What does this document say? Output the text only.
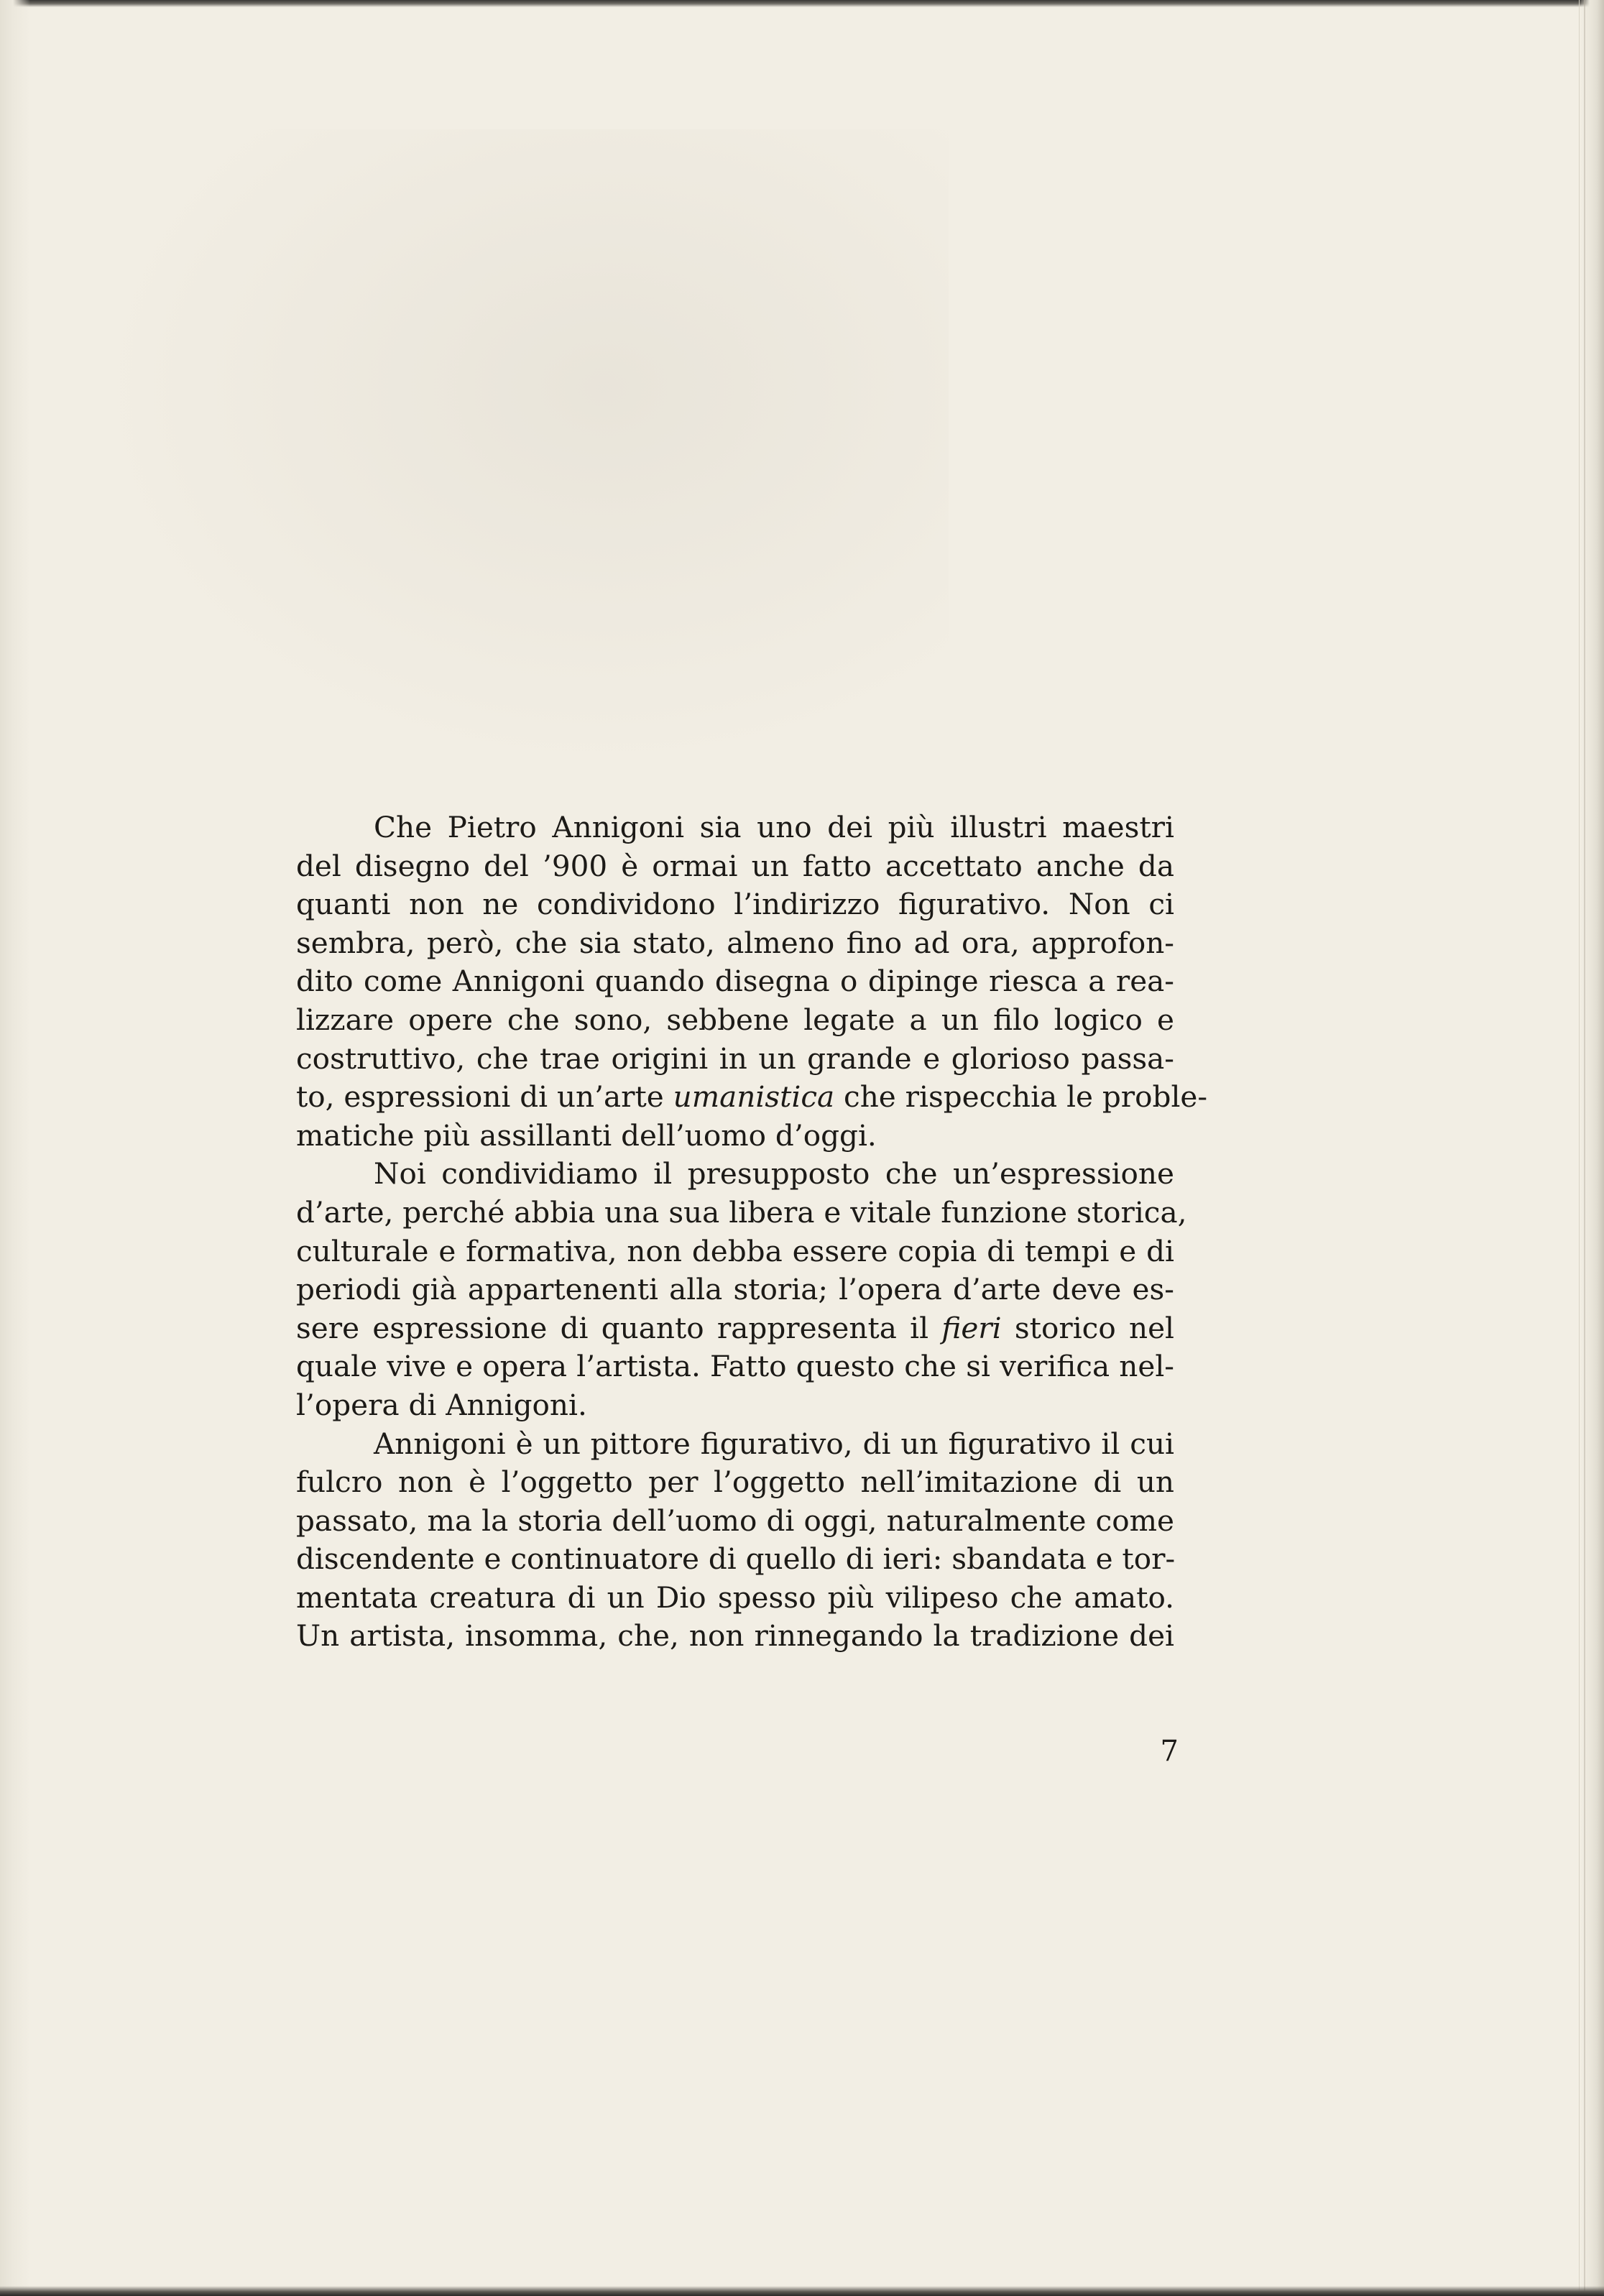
Che Pietro Annigoni sia uno dei più illustri maestri
del disegno del ’900 è ormai un fatto accettato anche da
quanti non ne condividono l’indirizzo figurativo. Non ci
sembra, però, che sia stato, almeno fino ad ora, approfon-
dito come Annigoni quando disegna o dipinge riesca a rea-
lizzare opere che sono, sebbene legate a un filo logico e
costruttivo, che trae origini in un grande e glorioso passa-
to, espressioni di un’arte umanistica che rispecchia le proble-
matiche più assillanti dell’uomo d’oggi.

Noi condividiamo il presupposto che un’espressione
d’arte, perché abbia una sua libera e vitale funzione storica,
culturale e formativa, non debba essere copia di tempi e di
periodi già appartenenti alla storia; l’opera d’arte deve es-
sere espressione di quanto rappresenta il fieri storico nel
quale vive e opera l’artista. Fatto questo che si verifica nel-
l’opera di Annigoni.

Annigoni è un pittore figurativo, di un figurativo il cui
fulcro non è l’oggetto per l’oggetto nell’imitazione di un
passato, ma la storia dell’uomo di oggi, naturalmente come
discendente e continuatore di quello di ieri: sbandata e tor-
mentata creatura di un Dio spesso più vilipeso che amato.
Un artista, insomma, che, non rinnegando la tradizione dei

7
